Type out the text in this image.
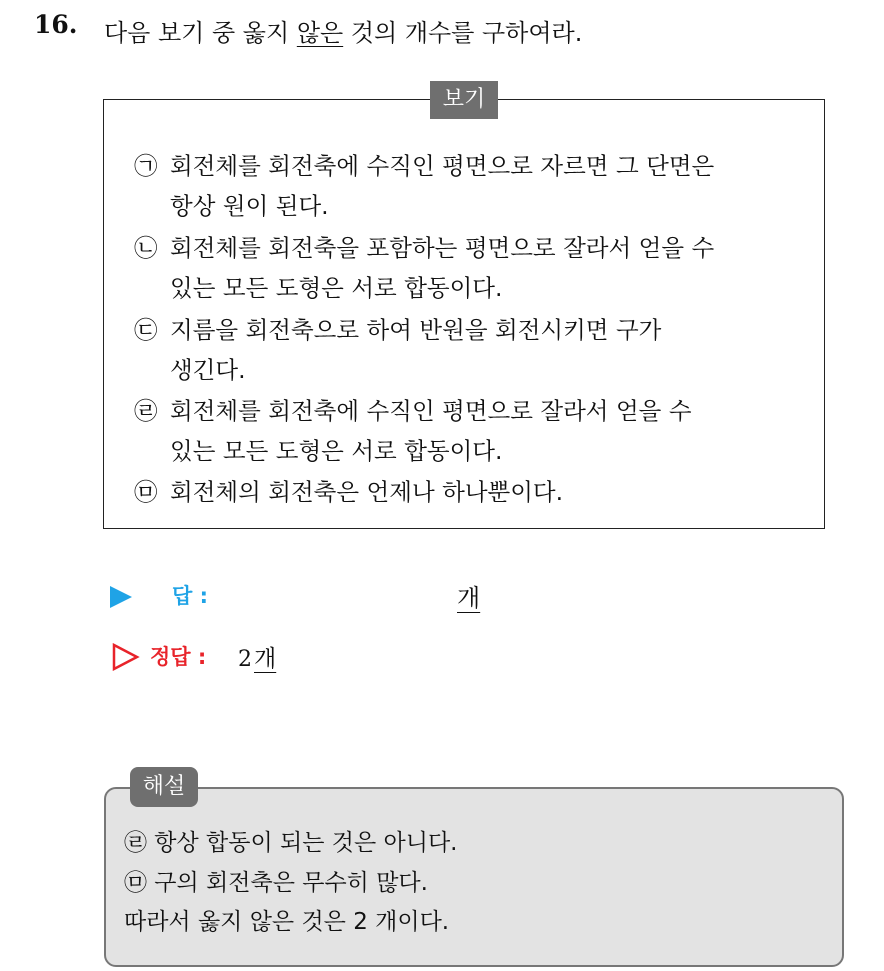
16. 다음 보기 중 옳지 않은 것의 개수를 구하여라.
보기
㉠ 회전체를 회전축에 수직인 평면으로 자르면 그 단면은
항상 원이 된다.
㉡ 회전체를 회전축을 포함하는 평면으로 잘라서 얻을 수
있는 모든 도형은 서로 합동이다.
㉢ 지름을 회전축으로 하여 반원을 회전시키면 구가
생긴다.
㉣ 회전체를 회전축에 수직인 평면으로 잘라서 얻을 수
있는 모든 도형은 서로 합동이다.
㉤ 회전체의 회전축은 언제나 하나뿐이다.
답 :	개
정답 : 2개
해설
㉣ 항상 합동이 되는 것은 아니다.
㉤ 구의 회전축은 무수히 많다.
따라서 옳지 않은 것은 2 개이다.
